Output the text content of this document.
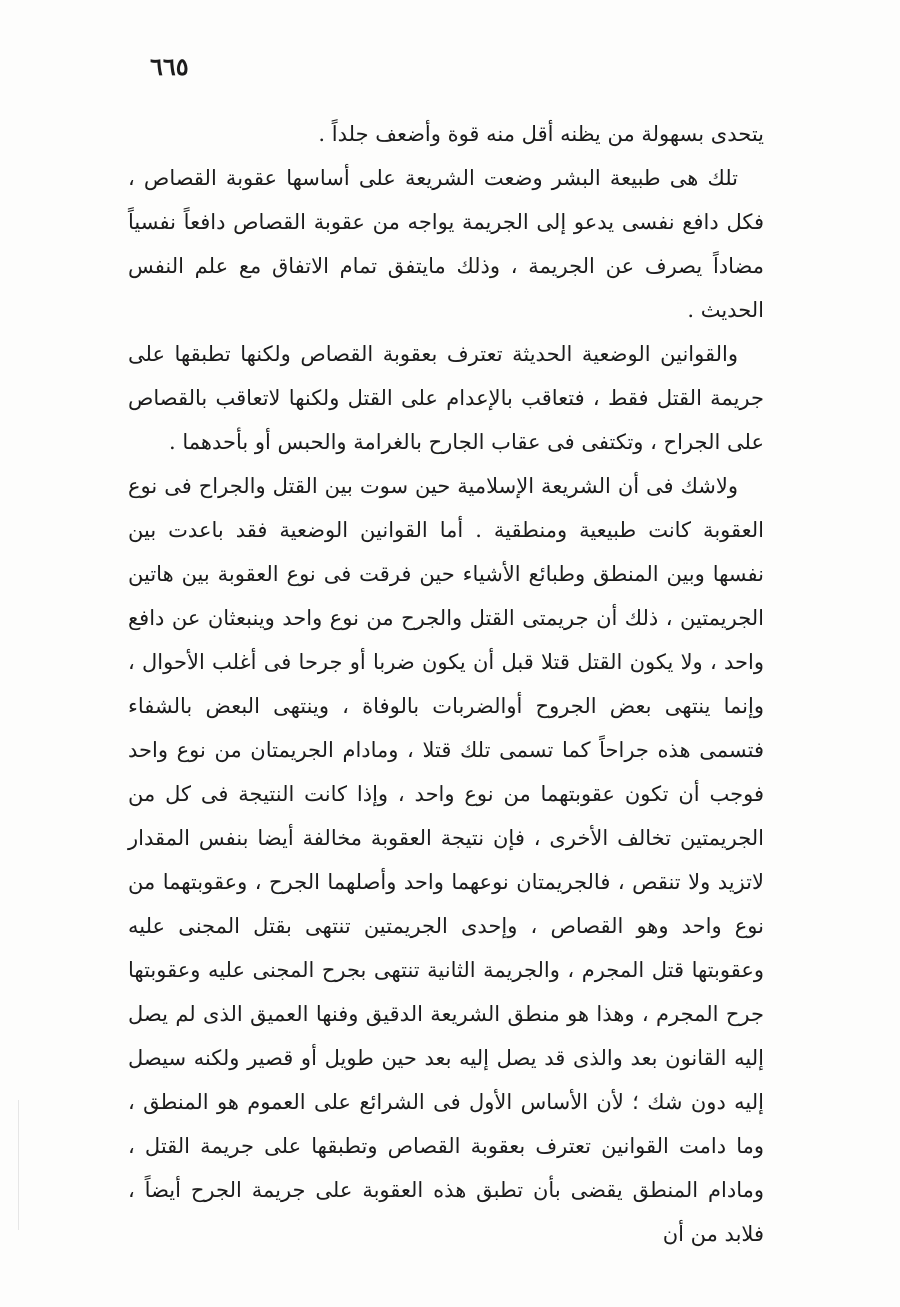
٦٦٥

يتحدى بسهولة من يظنه أقل منه قوة وأضعف جلداً .

تلك هى طبيعة البشر وضعت الشريعة على أساسها عقوبة القصاص ، فكل دافع نفسى يدعو إلى الجريمة يواجه من عقوبة القصاص دافعاً نفسياً مضاداً يصرف عن الجريمة ، وذلك مايتفق تمام الاتفاق مع علم النفس الحديث .

والقوانين الوضعية الحديثة تعترف بعقوبة القصاص ولكنها تطبقها على جريمة القتل فقط ، فتعاقب بالإعدام على القتل ولكنها لاتعاقب بالقصاص على الجراح ، وتكتفى فى عقاب الجارح بالغرامة والحبس أو بأحدهما .

ولاشك فى أن الشريعة الإسلامية حين سوت بين القتل والجراح فى نوع العقوبة كانت طبيعية ومنطقية . أما القوانين الوضعية فقد باعدت بين نفسها وبين المنطق وطبائع الأشياء حين فرقت فى نوع العقوبة بين هاتين الجريمتين ، ذلك أن جريمتى القتل والجرح من نوع واحد وينبعثان عن دافع واحد ، ولا يكون القتل قتلا قبل أن يكون ضربا أو جرحا فى أغلب الأحوال ، وإنما ينتهى بعض الجروح أوالضربات بالوفاة ، وينتهى البعض بالشفاء فتسمى هذه جراحاً كما تسمى تلك قتلا ، ومادام الجريمتان من نوع واحد فوجب أن تكون عقوبتهما من نوع واحد ، وإذا كانت النتيجة فى كل من الجريمتين تخالف الأخرى ، فإن نتيجة العقوبة مخالفة أيضا بنفس المقدار لاتزيد ولا تنقص ، فالجريمتان نوعهما واحد وأصلهما الجرح ، وعقوبتهما من نوع واحد وهو القصاص ، وإحدى الجريمتين تنتهى بقتل المجنى عليه وعقوبتها قتل المجرم ، والجريمة الثانية تنتهى بجرح المجنى عليه وعقوبتها جرح المجرم ، وهذا هو منطق الشريعة الدقيق وفنها العميق الذى لم يصل إليه القانون بعد والذى قد يصل إليه بعد حين طويل أو قصير ولكنه سيصل إليه دون شك ؛ لأن الأساس الأول فى الشرائع على العموم هو المنطق ، وما دامت القوانين تعترف بعقوبة القصاص وتطبقها على جريمة القتل ، ومادام المنطق يقضى بأن تطبق هذه العقوبة على جريمة الجرح أيضاً ، فلابد من أن
